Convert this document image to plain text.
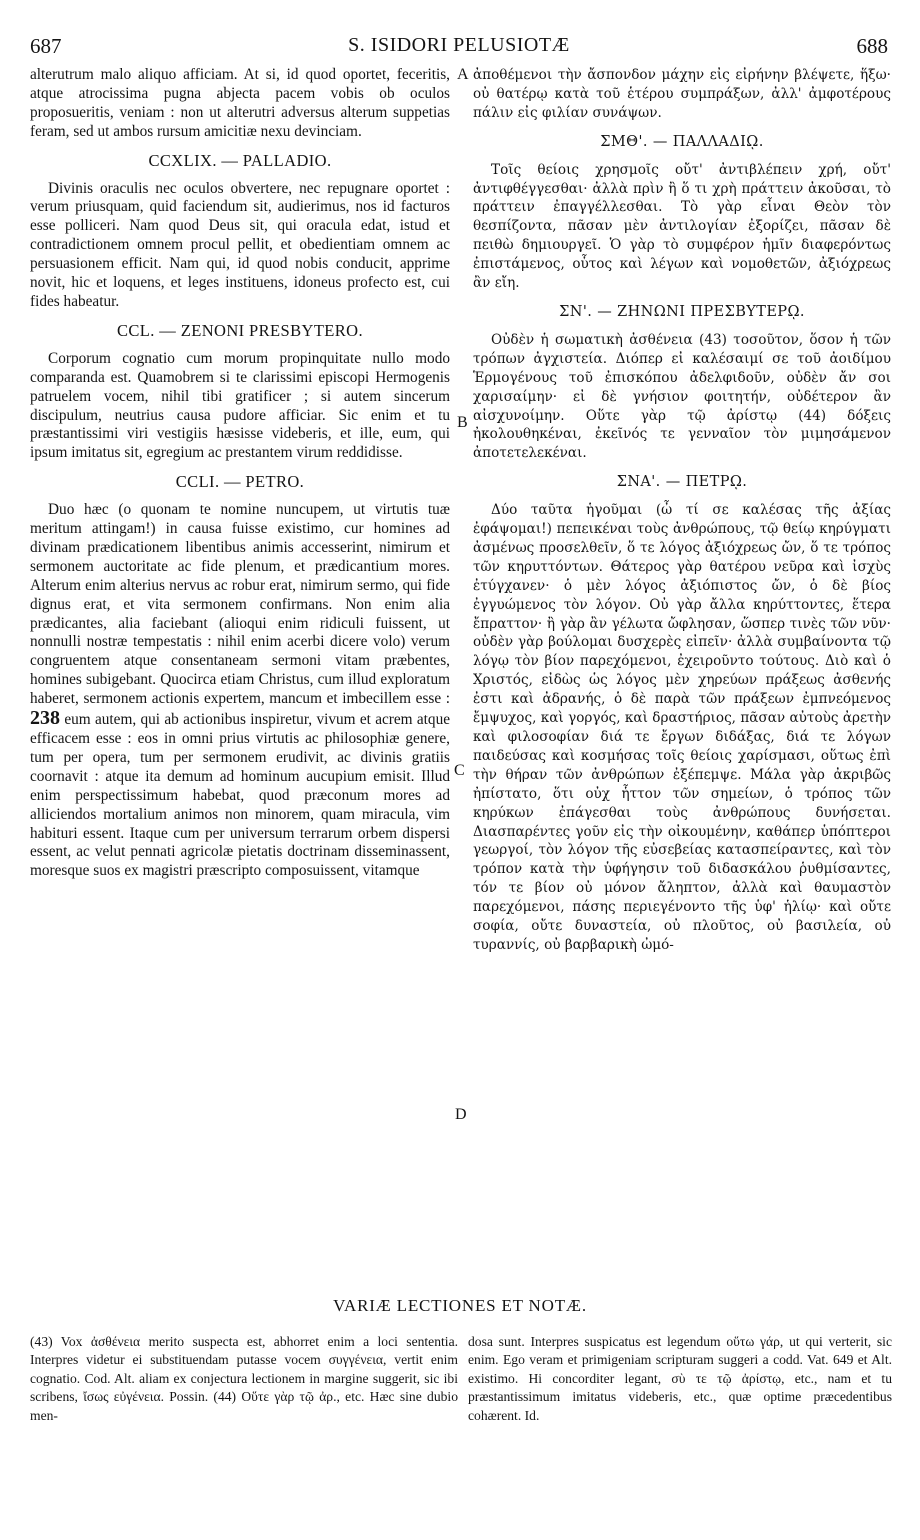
687	S. ISIDORI PELUSIOTÆ	688
A
B
C
D

alterutrum malo aliquo afficiam. At si, id quod oportet, feceritis, atque atrocissima pugna abjecta pacem vobis ob oculos proposueritis, veniam : non ut alterutri adversus alterum suppetias feram, sed ut ambos rursum amicitiæ nexu devinciam.

CCXLIX. — PALLADIO.

Divinis oraculis nec oculos obvertere, nec repugnare oportet : verum priusquam, quid faciendum sit, audierimus, nos id facturos esse polliceri. Nam quod Deus sit, qui oracula edat, istud et contradictionem omnem procul pellit, et obedientiam omnem ac persuasionem efficit. Nam qui, id quod nobis conducit, apprime novit, hic et loquens, et leges instituens, idoneus profecto est, cui fides habeatur.

CCL. — ZENONI PRESBYTERO.

Corporum cognatio cum morum propinquitate nullo modo comparanda est. Quamobrem si te clarissimi episcopi Hermogenis patruelem vocem, nihil tibi gratificer ; si autem sincerum discipulum, neutrius causa pudore afficiar. Sic enim et tu præstantissimi viri vestigiis hæsisse videberis, et ille, eum, qui ipsum imitatus sit, egregium ac prestantem virum reddidisse.

CCLI. — PETRO.

Duo hæc (o quonam te nomine nuncupem, ut virtutis tuæ meritum attingam!) in causa fuisse existimo, cur homines ad divinam prædicationem libentibus animis accesserint, nimirum et sermonem auctoritate ac fide plenum, et prædicantium mores. Alterum enim alterius nervus ac robur erat, nimirum sermo, qui fide dignus erat, et vita sermonem confirmans. Non enim alia prædicantes, alia faciebant (alioqui enim ridiculi fuissent, ut nonnulli nostræ tempestatis : nihil enim acerbi dicere volo) verum congruentem atque consentaneam sermoni vitam præbentes, homines subigebant. Quocirca etiam Christus, cum illud exploratum haberet, sermonem actionis expertem, mancum et imbecillem esse : 238 eum autem, qui ab actionibus inspiretur, vivum et acrem atque efficacem esse : eos in omni prius virtutis ac philosophiæ genere, tum per opera, tum per sermonem erudivit, ac divinis gratiis coornavit : atque ita demum ad hominum aucupium emisit. Illud enim perspectissimum habebat, quod præconum mores ad alliciendos mortalium animos non minorem, quam miracula, vim habituri essent. Itaque cum per universum terrarum orbem dispersi essent, ac velut pennati agricolæ pietatis doctrinam disseminassent, moresque suos ex magistri præscripto composuissent, vitamque

ἀποθέμενοι τὴν ἄσπονδον μάχην εἰς εἰρήνην βλέψετε, ἥξω· οὐ θατέρῳ κατὰ τοῦ ἑτέρου συμπράξων, ἀλλ' ἀμφοτέρους πάλιν εἰς φιλίαν συνάψων.

ΣΜΘ'. — ΠΑΛΛΑΔΙῼ.

Τοῖς θείοις χρησμοῖς οὔτ' ἀντιβλέπειν χρή, οὔτ' ἀντιφθέγγεσθαι· ἀλλὰ πρὶν ἢ ὅ τι χρὴ πράττειν ἀκοῦσαι, τὸ πράττειν ἐπαγγέλλεσθαι. Τὸ γὰρ εἶναι Θεὸν τὸν θεσπίζοντα, πᾶσαν μὲν ἀντιλογίαν ἐξορίζει, πᾶσαν δὲ πειθὼ δημιουργεῖ. Ὁ γὰρ τὸ συμφέρον ἡμῖν διαφερόντως ἐπιστάμενος, οὗτος καὶ λέγων καὶ νομοθετῶν, ἀξιόχρεως ἂν εἴη.

ΣΝ'. — ΖΗΝΩΝΙ ΠΡΕΣΒΥΤΕΡῼ.

Οὐδὲν ἡ σωματικὴ ἀσθένεια (43) τοσοῦτον, ὅσον ἡ τῶν τρόπων ἀγχιστεία. Διόπερ εἰ καλέσαιμί σε τοῦ ἀοιδίμου Ἑρμογένους τοῦ ἐπισκόπου ἀδελφιδοῦν, οὐδὲν ἄν σοι χαρισαίμην· εἰ δὲ γνήσιον φοιτητήν, οὐδέτερον ἂν αἰσχυνοίμην. Οὕτε γὰρ τῷ ἀρίστῳ (44) δόξεις ἠκολουθηκέναι, ἐκεῖνός τε γενναῖον τὸν μιμησάμενον ἀποτετελεκέναι.

ΣΝΑ'. — ΠΕΤΡῼ.

Δύο ταῦτα ἡγοῦμαι (ὦ τί σε καλέσας τῆς ἀξίας ἐφάψομαι!) πεπεικέναι τοὺς ἀνθρώπους, τῷ θείῳ κηρύγματι ἀσμένως προσελθεῖν, ὅ τε λόγος ἀξιόχρεως ὤν, ὅ τε τρόπος τῶν κηρυττόντων. Θάτερος γὰρ θατέρου νεῦρα καὶ ἰσχὺς ἐτύγχανεν· ὁ μὲν λόγος ἀξιόπιστος ὤν, ὁ δὲ βίος ἐγγυώμενος τὸν λόγον. Οὐ γὰρ ἄλλα κηρύττοντες, ἕτερα ἔπραττον· ἢ γὰρ ἂν γέλωτα ὤφλησαν, ὥσπερ τινὲς τῶν νῦν· οὐδὲν γὰρ βούλομαι δυσχερὲς εἰπεῖν· ἀλλὰ συμβαίνοντα τῷ λόγῳ τὸν βίον παρεχόμενοι, ἐχειροῦντο τούτους. Διὸ καὶ ὁ Χριστός, εἰδὼς ὡς λόγος μὲν χηρεύων πράξεως ἀσθενής ἐστι καὶ ἀδρανής, ὁ δὲ παρὰ τῶν πράξεων ἐμπνεόμενος ἔμψυχος, καὶ γοργός, καὶ δραστήριος, πᾶσαν αὐτοὺς ἀρετὴν καὶ φιλοσοφίαν διά τε ἔργων διδάξας, διά τε λόγων παιδεύσας καὶ κοσμήσας τοῖς θείοις χαρίσμασι, οὕτως ἐπὶ τὴν θήραν τῶν ἀνθρώπων ἐξέπεμψε. Μάλα γὰρ ἀκριβῶς ἠπίστατο, ὅτι οὐχ ἧττον τῶν σημείων, ὁ τρόπος τῶν κηρύκων ἐπάγεσθαι τοὺς ἀνθρώπους δυνήσεται. Διασπαρέντες γοῦν εἰς τὴν οἰκουμένην, καθάπερ ὑπόπτεροι γεωργοί, τὸν λόγον τῆς εὐσεβείας κατασπείραντες, καὶ τὸν τρόπον κατὰ τὴν ὑφήγησιν τοῦ διδασκάλου ῥυθμίσαντες, τόν τε βίον οὐ μόνον ἄληπτον, ἀλλὰ καὶ θαυμαστὸν παρεχόμενοι, πάσης περιεγένοντο τῆς ὑφ' ἡλίῳ· καὶ οὔτε σοφία, οὔτε δυναστεία, οὐ πλοῦτος, οὐ βασιλεία, οὐ τυραννίς, οὐ βαρβαρικὴ ὠμό-

VARIÆ LECTIONES ET NOTÆ.

(43) Vox ἀσθένεια merito suspecta est, abhorret enim a loci sententia. Interpres videtur ei substituendam putasse vocem συγγένεια, vertit enim cognatio. Cod. Alt. aliam ex conjectura lectionem in margine suggerit, sic ibi scribens, ἴσως εὐγένεια. Possin. (44) Οὕτε γὰρ τῷ ἀρ., etc. Hæc sine dubio men-

dosa sunt. Interpres suspicatus est legendum οὕτω γάρ, ut qui verterit, sic enim. Ego veram et primigeniam scripturam suggeri a codd. Vat. 649 et Alt. existimo. Hi concorditer legant, σὺ τε τῷ ἀρίστῳ, etc., nam et tu præstantissimum imitatus videberis, etc., quæ optime præcedentibus cohærent. Id.
